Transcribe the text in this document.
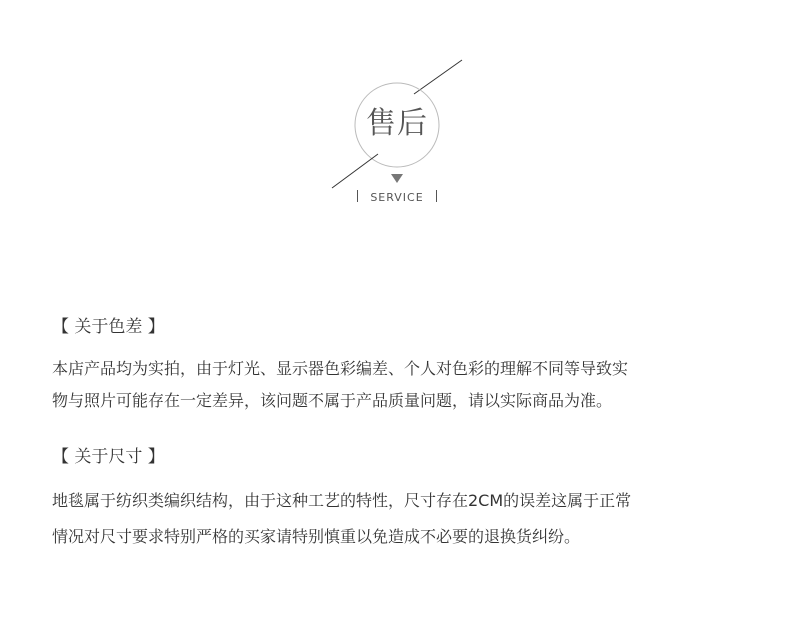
售后
SERVICE
【 关于色差 】
本店产品均为实拍，由于灯光、显示器色彩编差、个人对色彩的理解不同等导致实
物与照片可能存在一定差异，该问题不属于产品质量问题，请以实际商品为准。
【 关于尺寸 】
地毯属于纺织类编织结构，由于这种工艺的特性，尺寸存在2CM的误差这属于正常
情况对尺寸要求特别严格的买家请特别慎重以免造成不必要的退换货纠纷。
